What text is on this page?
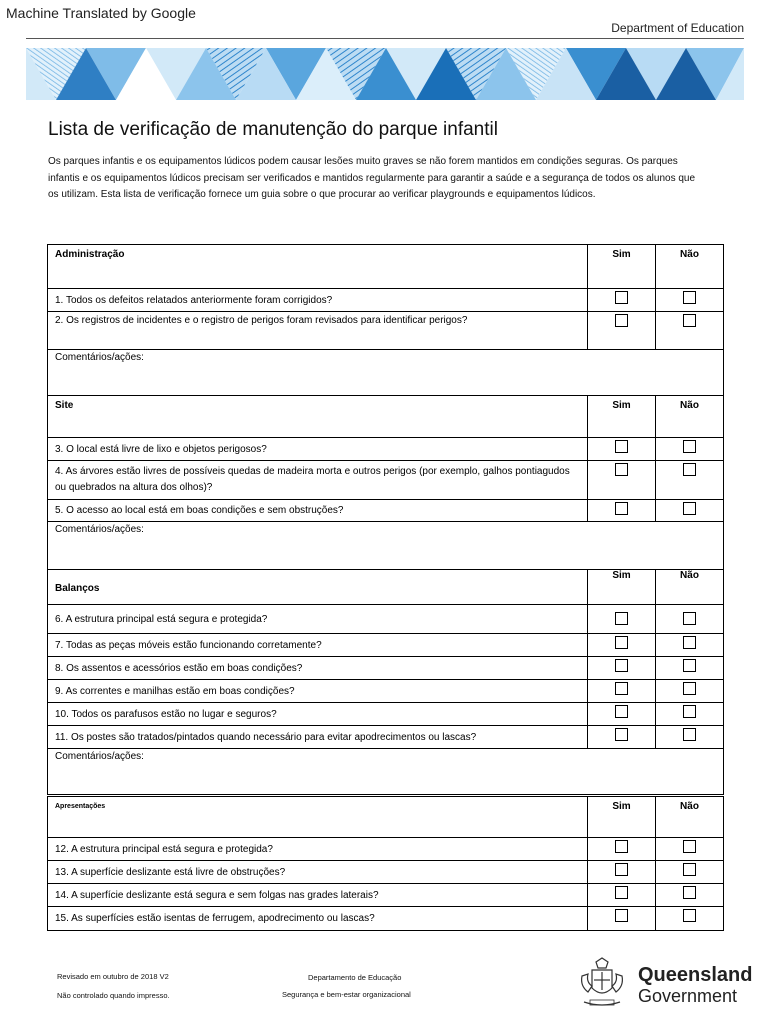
Machine Translated by Google
Department of Education
Lista de verificação de manutenção do parque infantil
Os parques infantis e os equipamentos lúdicos podem causar lesões muito graves se não forem mantidos em condições seguras. Os parques infantis e os equipamentos lúdicos precisam ser verificados e mantidos regularmente para garantir a saúde e a segurança de todos os alunos que os utilizam. Esta lista de verificação fornece um guia sobre o que procurar ao verificar playgrounds e equipamentos lúdicos.
Administração	Sim	Não
1. Todos os defeitos relatados anteriormente foram corrigidos?		
2. Os registros de incidentes e o registro de perigos foram revisados para identificar perigos?		
Comentários/ações:		
Site	Sim	Não
3. O local está livre de lixo e objetos perigosos?		
4. As árvores estão livres de possíveis quedas de madeira morta e outros perigos (por exemplo, galhos pontiagudos ou quebrados na altura dos olhos)?		
5. O acesso ao local está em boas condições e sem obstruções?		
Comentários/ações:		
Balanços	Sim	Não
6. A estrutura principal está segura e protegida?		
7. Todas as peças móveis estão funcionando corretamente?		
8. Os assentos e acessórios estão em boas condições?		
9. As correntes e manilhas estão em boas condições?		
10. Todos os parafusos estão no lugar e seguros?		
11. Os postes são tratados/pintados quando necessário para evitar apodrecimentos ou lascas?		
Comentários/ações:		
Apresentações	Sim	Não
12. A estrutura principal está segura e protegida?		
13. A superfície deslizante está livre de obstruções?		
14. A superfície deslizante está segura e sem folgas nas grades laterais?		
15. As superfícies estão isentas de ferrugem, apodrecimento ou lascas?		
Revisado em outubro de 2018 V2
Não controlado quando impresso.
Departamento de Educação
Segurança e bem-estar organizacional
Queensland
Government
